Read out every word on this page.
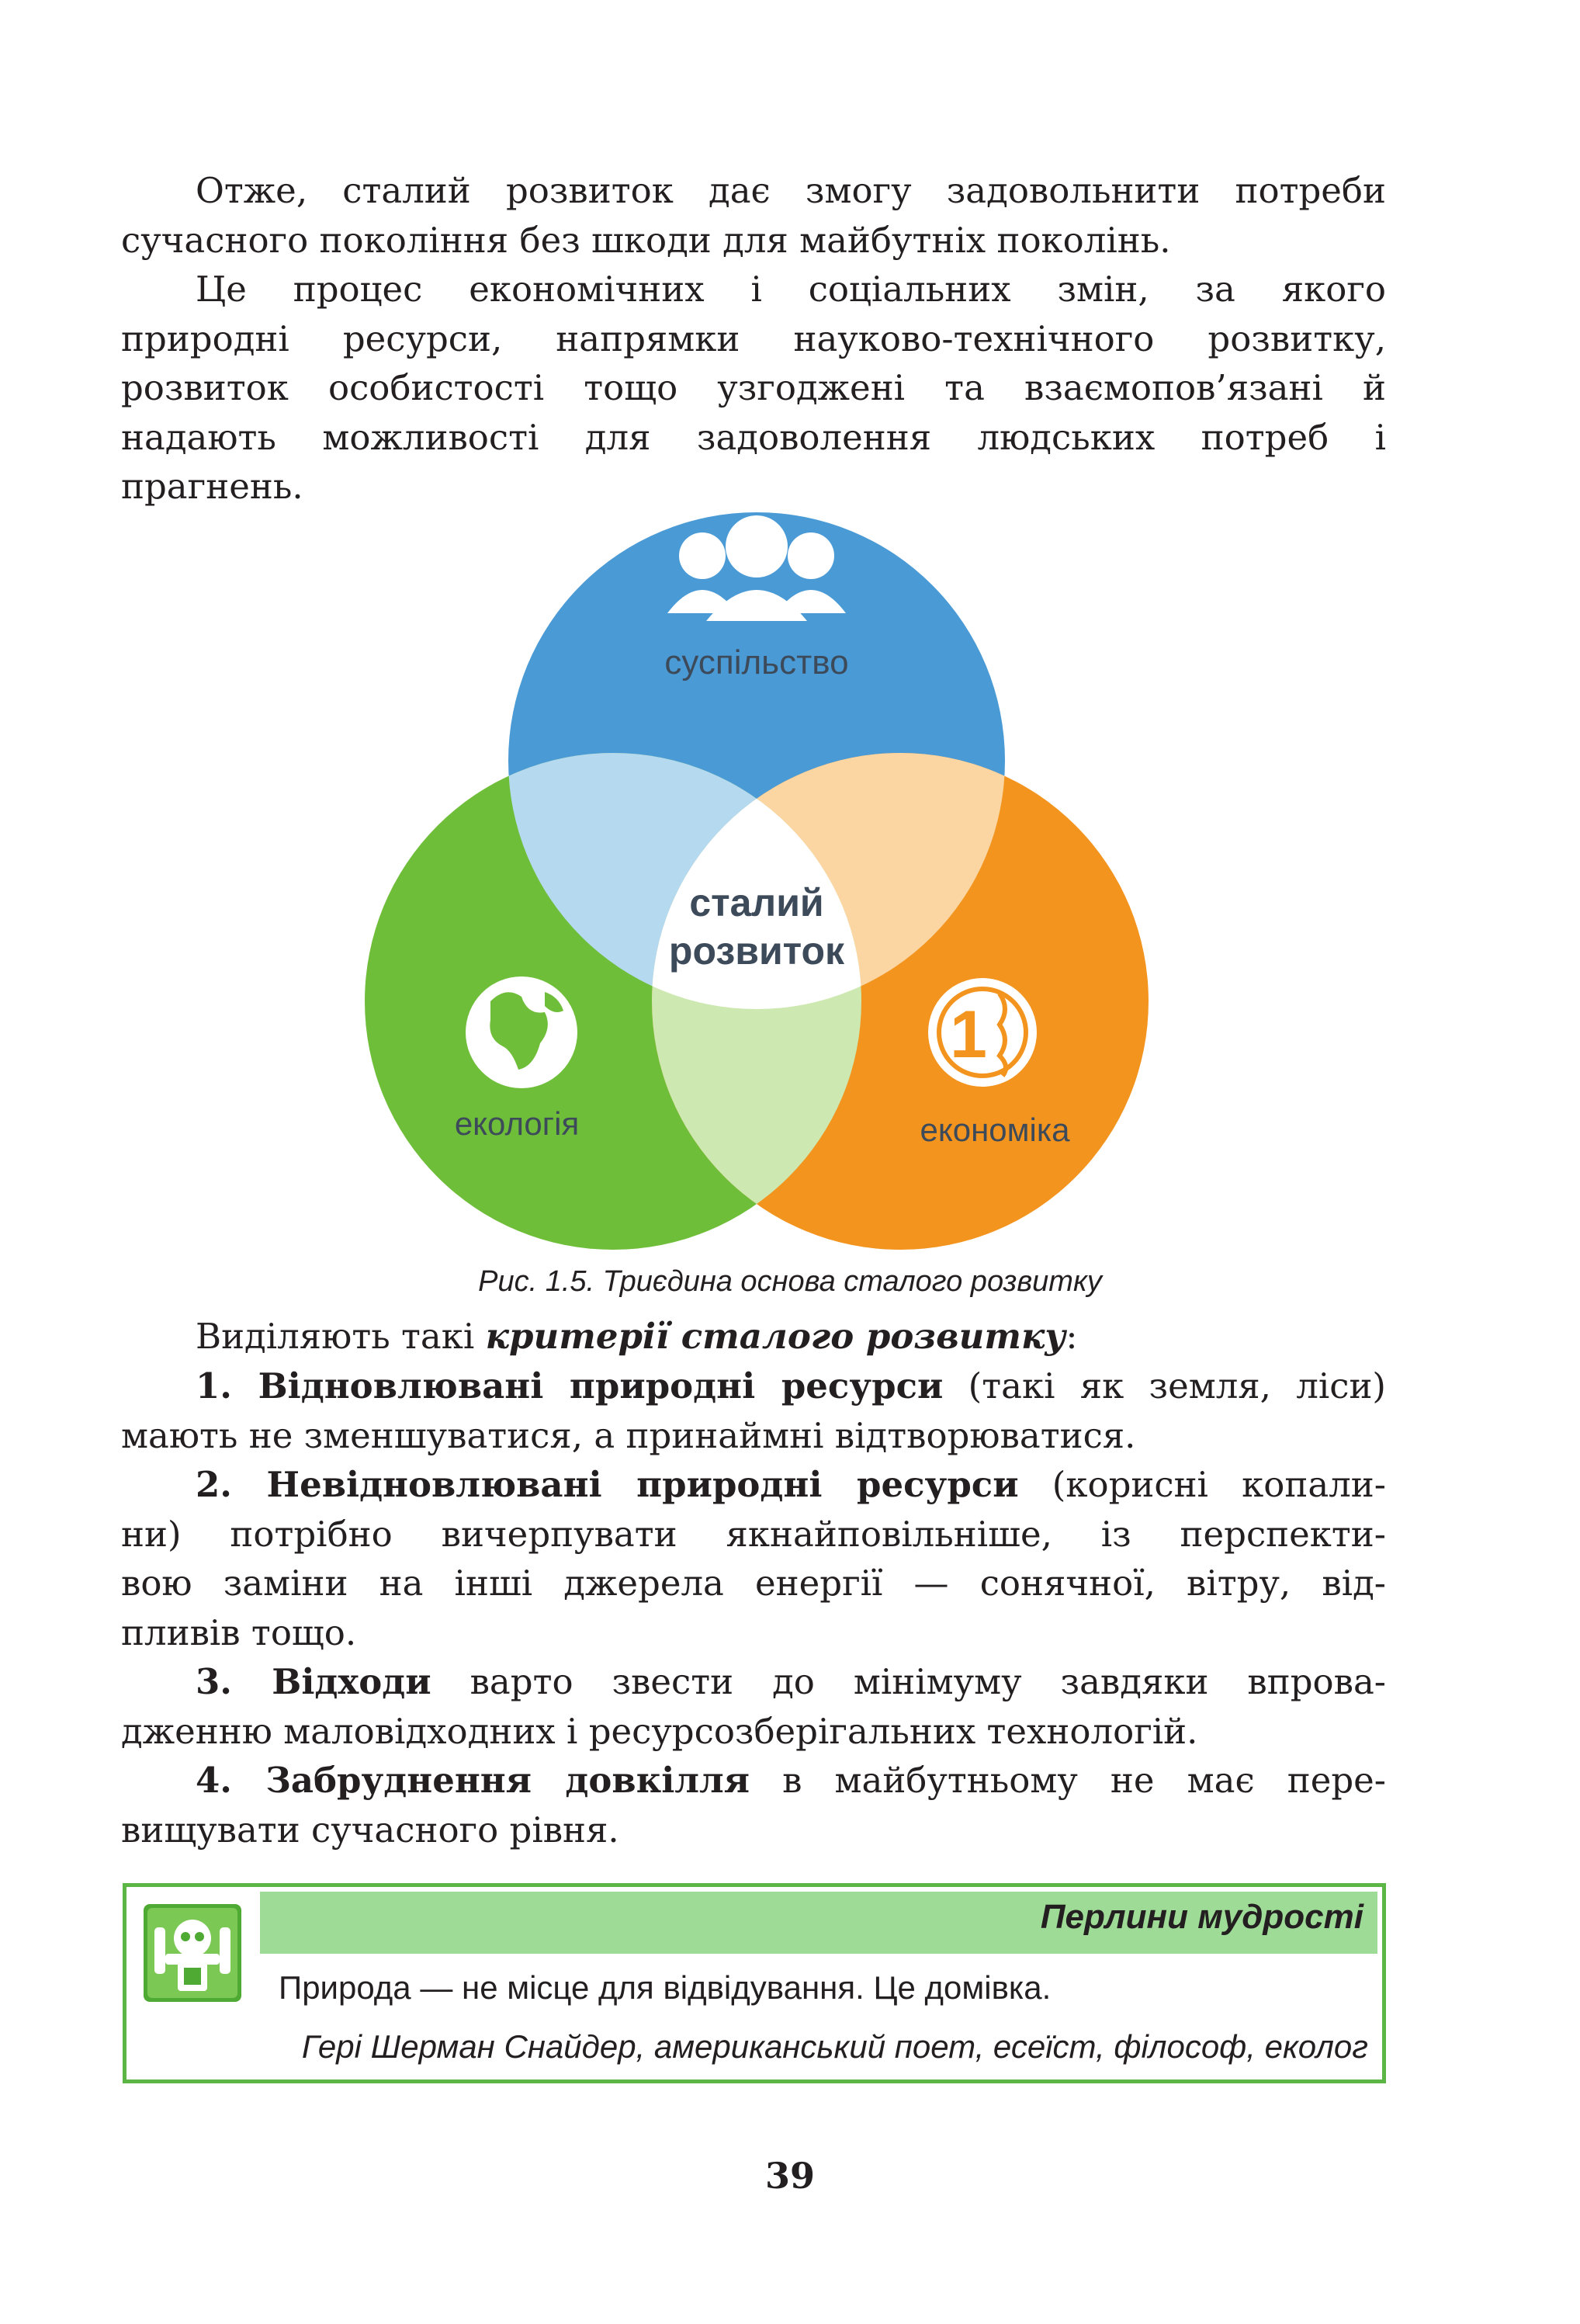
Отже, сталий розвиток дає змогу задовольнити потреби
сучасного покоління без шкоди для майбутніх поколінь.
Це процес економічних і соціальних змін, за якого
природні ресурси, напрямки науково-технічного розвитку,
розвиток особистості тощо узгоджені та взаємопов’язані й
надають можливості для задоволення людських потреб і
прагнень.
суспільство
сталий
розвиток
екологія
1
економіка
Рис. 1.5. Триєдина основа сталого розвитку
Виділяють такі критерії сталого розвитку:
1. Відновлювані природні ресурси (такі як земля, ліси)
мають не зменшуватися, а принаймні відтворюватися.
2. Невідновлювані природні ресурси (корисні копали-
ни) потрібно вичерпувати якнайповільніше, із перспекти-
вою заміни на інші джерела енергії — сонячної, вітру, від-
пливів тощо.
3. Відходи варто звести до мінімуму завдяки впрова-
дженню маловідходних і ресурсозберігальних технологій.
4. Забруднення довкілля в майбутньому не має пере-
вищувати сучасного рівня.
Перлини мудрості
Природа — не місце для відвідування. Це домівка.
Гері Шерман Снайдер, американський поет, есеїст, філософ, еколог
39
